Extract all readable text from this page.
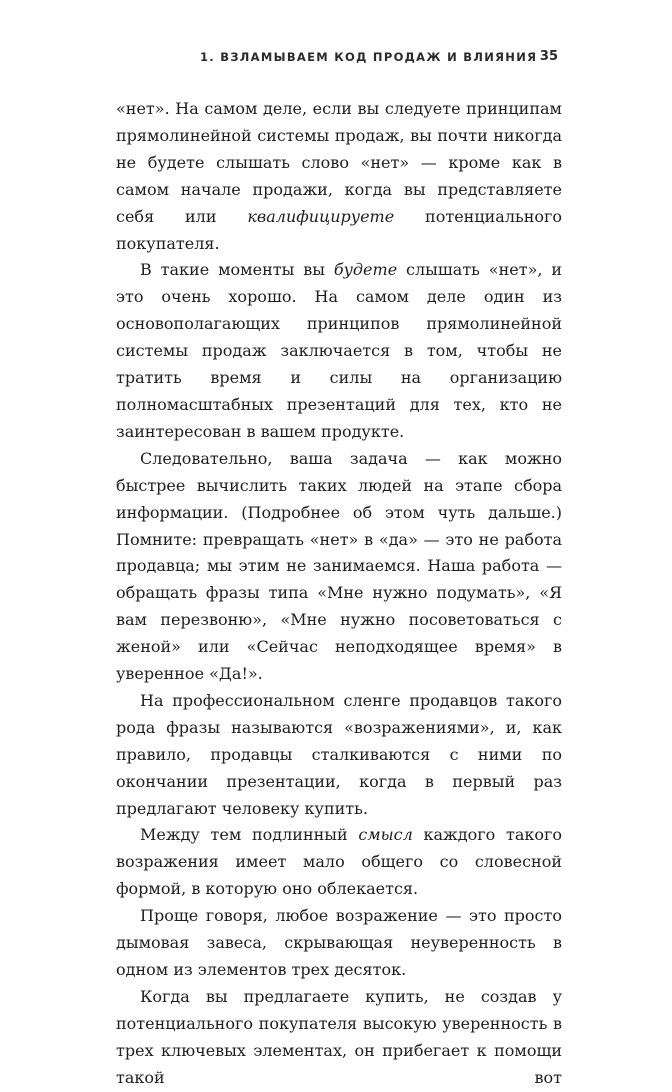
1. ВЗЛАМЫВАЕМ КОД ПРОДАЖ И ВЛИЯНИЯ 35

«нет». На самом деле, если вы следуете принципам прямолинейной системы продаж, вы почти никогда не будете слышать слово «нет» — кроме как в самом начале продажи, когда вы представляете себя или квалифицируете потенциального покупателя.

В такие моменты вы будете слышать «нет», и это очень хорошо. На самом деле один из основополагающих принципов прямолинейной системы продаж заключается в том, чтобы не тратить время и силы на организацию полномасштабных презентаций для тех, кто не заинтересован в вашем продукте.

Следовательно, ваша задача — как можно быстрее вычислить таких людей на этапе сбора информации. (Подробнее об этом чуть дальше.) Помните: превращать «нет» в «да» — это не работа продавца; мы этим не занимаемся. Наша работа — обращать фразы типа «Мне нужно подумать», «Я вам перезвоню», «Мне нужно посоветоваться с женой» или «Сейчас неподходящее время» в уверенное «Да!».

На профессиональном сленге продавцов такого рода фразы называются «возражениями», и, как правило, продавцы сталкиваются с ними по окончании презентации, когда в первый раз предлагают человеку купить.

Между тем подлинный смысл каждого такого возражения имеет мало общего со словесной формой, в которую оно облекается.

Проще говоря, любое возражение — это просто дымовая завеса, скрывающая неуверенность в одном из элементов трех десяток.

Когда вы предлагаете купить, не создав у потенциального покупателя высокую уверенность в трех ключевых элементах, он прибегает к помощи такой вот
